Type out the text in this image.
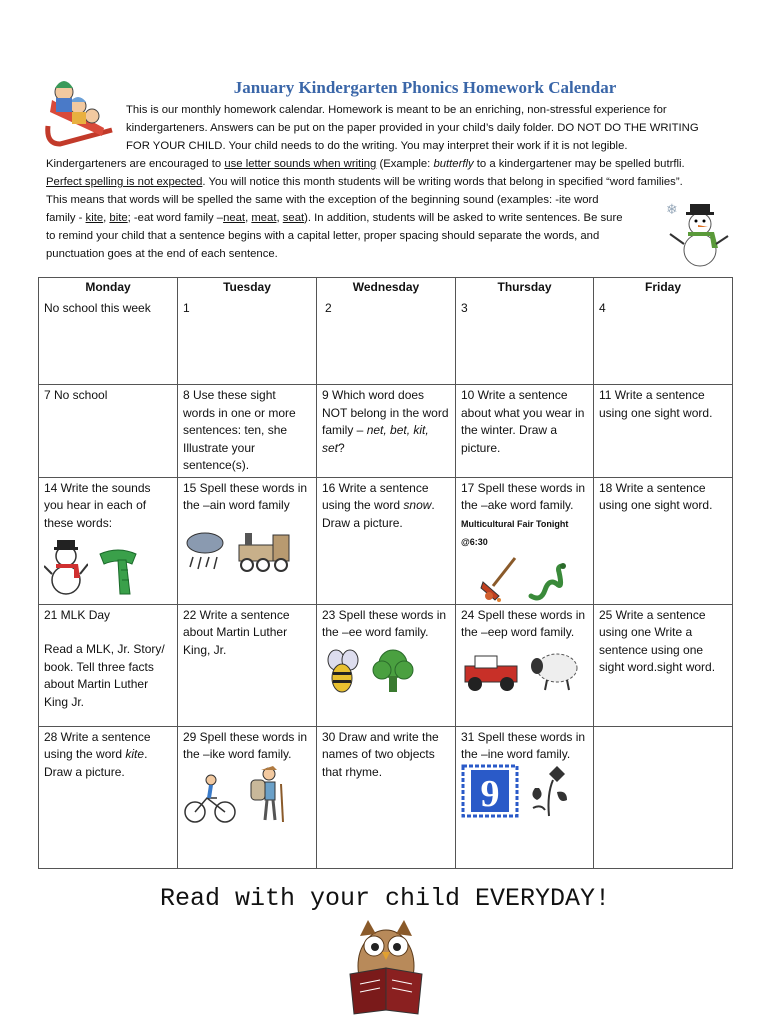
January Kindergarten Phonics Homework Calendar

This is our monthly homework calendar. Homework is meant to be an enriching, non-stressful experience for

kindergarteners. Answers can be put on the paper provided in your child’s daily folder. DO NOT DO THE WRITING

FOR YOUR CHILD. Your child needs to do the writing. You may interpret their work if it is not legible.

Kindergarteners are encouraged to use letter sounds when writing (Example: butterfly to a kindergartener may be spelled butrfli.

Perfect spelling is not expected. You will notice this month students will be writing words that belong in specified “word families”.

This means that words will be spelled the same with the exception of the beginning sound (examples: -ite word

family - kite, bite; -eat word family –neat, meat, seat). In addition, students will be asked to write sentences. Be sure

to remind your child that a sentence begins with a capital letter, proper spacing should separate the words, and

punctuation goes at the end of each sentence.

❄
Monday	Tuesday	Wednesday	Thursday	Friday
No school this week	1	2	3	4
7 No school	8 Use these sight words in one or more sentences: ten, she Illustrate your sentence(s).	9 Which word does NOT belong in the word family – net, bet, kit, set?	10 Write a sentence about what you wear in the winter. Draw a picture.	11 Write a sentence using one sight word.

14 Write the sounds you hear in each of these words:	15 Spell these words in the –ain word family	16 Write a sentence using the word snow. Draw a picture.	17 Spell these words in the –ake word family. Multicultural Fair Tonight @6:30	18 Write a sentence using one sight word.

21 MLK Day
Read a MLK, Jr. Story/ book. Tell three facts about Martin Luther King Jr.	22 Write a sentence about Martin Luther King, Jr.	23 Spell these words in the –ee word family.	24 Spell these words in the –eep word family.	25 Write a sentence using one Write a sentence using one sight word.sight word.
28 Write a sentence using the word kite. Draw a picture.	29 Spell these words in the –ike word family.	30 Draw and write the names of two objects that rhyme.	31 Spell these words in the –ine word family.
9	

Read with your child EVERYDAY!
